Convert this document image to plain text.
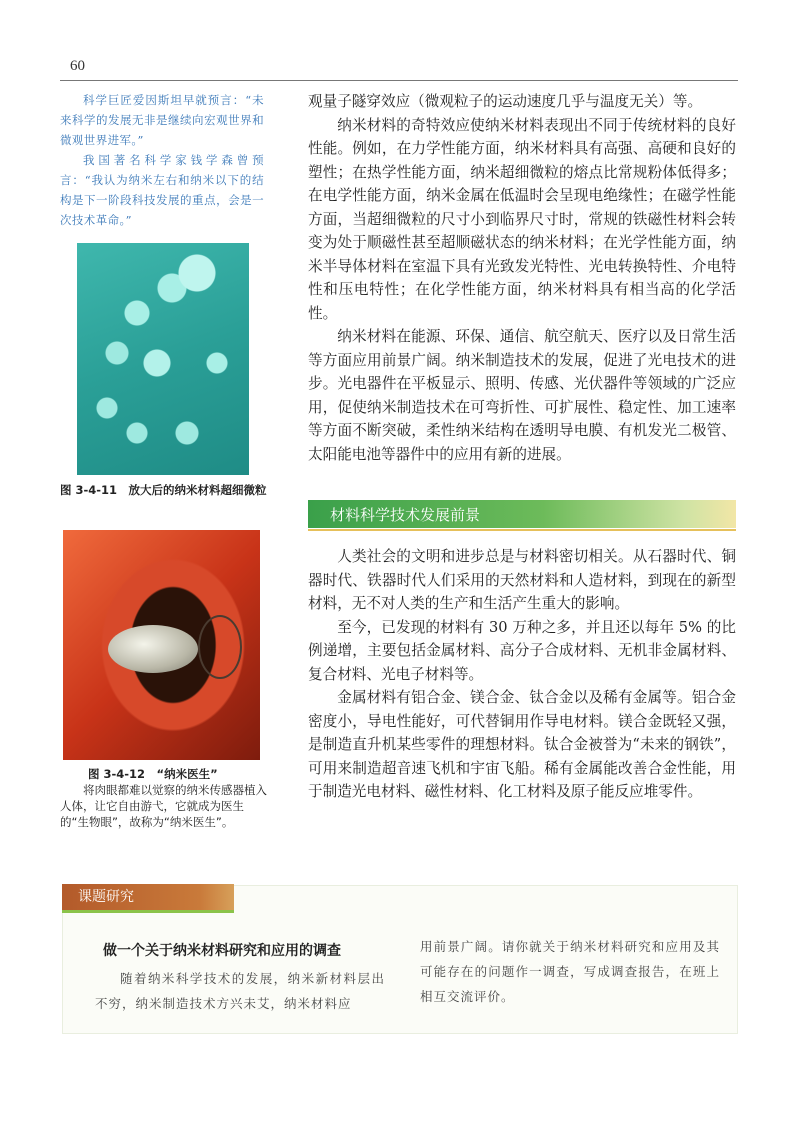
60

科学巨匠爱因斯坦早就预言：“未来科学的发展无非是继续向宏观世界和微观世界进军。”

我国著名科学家钱学森曾预言：“我认为纳米左右和纳米以下的结构是下一阶段科技发展的重点，会是一次技术革命。”

图 3-4-11　放大后的纳米材料超细微粒
图 3-4-12　“纳米医生”

将肉眼都难以觉察的纳米传感器植入人体，让它自由游弋，它就成为医生的“生物眼”，故称为“纳米医生”。

观量子隧穿效应（微观粒子的运动速度几乎与温度无关）等。

纳米材料的奇特效应使纳米材料表现出不同于传统材料的良好性能。例如，在力学性能方面，纳米材料具有高强、高硬和良好的塑性；在热学性能方面，纳米超细微粒的熔点比常规粉体低得多；在电学性能方面，纳米金属在低温时会呈现电绝缘性；在磁学性能方面，当超细微粒的尺寸小到临界尺寸时，常规的铁磁性材料会转变为处于顺磁性甚至超顺磁状态的纳米材料；在光学性能方面，纳米半导体材料在室温下具有光致发光特性、光电转换特性、介电特性和压电特性；在化学性能方面，纳米材料具有相当高的化学活性。

纳米材料在能源、环保、通信、航空航天、医疗以及日常生活等方面应用前景广阔。纳米制造技术的发展，促进了光电技术的进步。光电器件在平板显示、照明、传感、光伏器件等领域的广泛应用，促使纳米制造技术在可弯折性、可扩展性、稳定性、加工速率等方面不断突破，柔性纳米结构在透明导电膜、有机发光二极管、太阳能电池等器件中的应用有新的进展。

材料科学技术发展前景

人类社会的文明和进步总是与材料密切相关。从石器时代、铜器时代、铁器时代人们采用的天然材料和人造材料，到现在的新型材料，无不对人类的生产和生活产生重大的影响。

至今，已发现的材料有 30 万种之多，并且还以每年 5% 的比例递增，主要包括金属材料、高分子合成材料、无机非金属材料、复合材料、光电子材料等。

金属材料有铝合金、镁合金、钛合金以及稀有金属等。铝合金密度小，导电性能好，可代替铜用作导电材料。镁合金既轻又强，是制造直升机某些零件的理想材料。钛合金被誉为“未来的钢铁”，可用来制造超音速飞机和宇宙飞船。稀有金属能改善合金性能，用于制造光电材料、磁性材料、化工材料及原子能反应堆零件。

课题研究

做一个关于纳米材料研究和应用的调查

随着纳米科学技术的发展，纳米新材料层出不穷，纳米制造技术方兴未艾，纳米材料应

用前景广阔。请你就关于纳米材料研究和应用及其可能存在的问题作一调查，写成调查报告，在班上相互交流评价。
